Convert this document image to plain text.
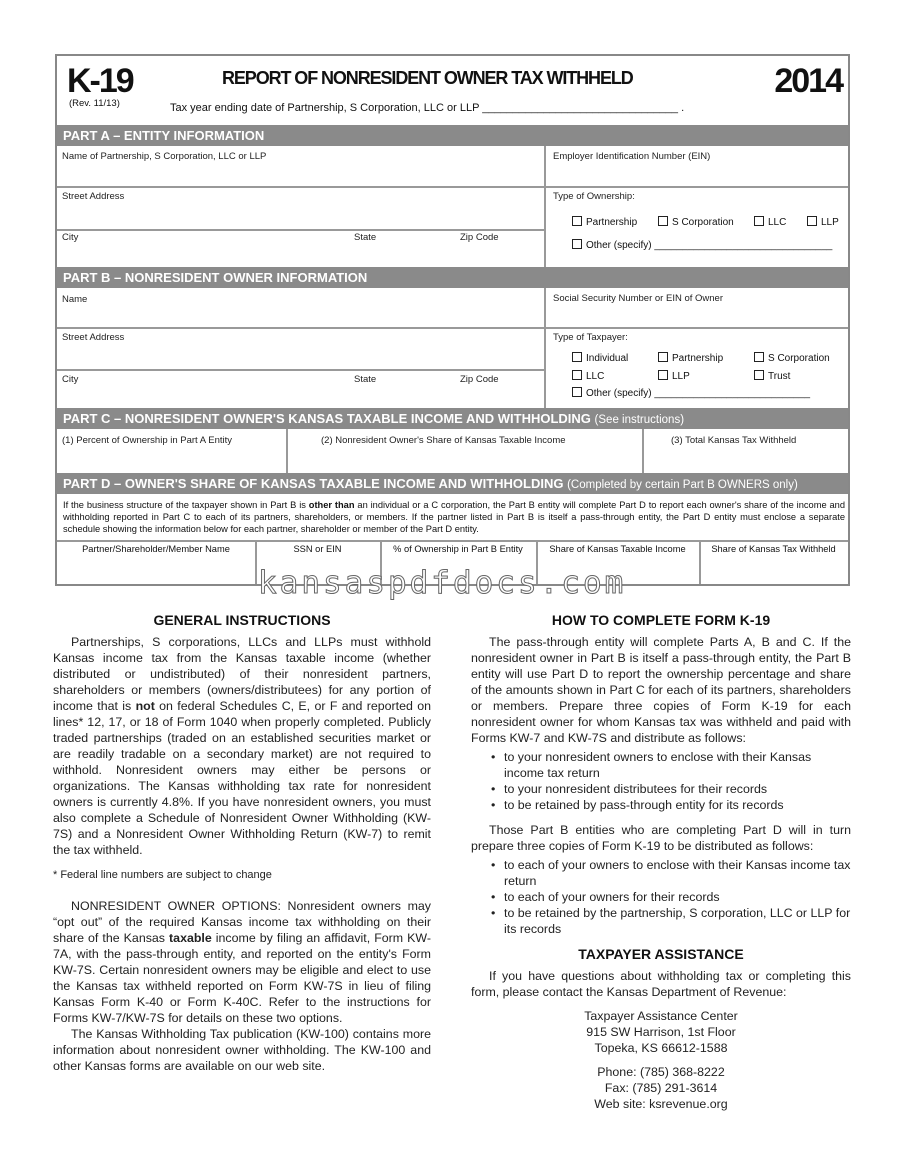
K-19
(Rev. 11/13)
REPORT OF NONRESIDENT OWNER TAX WITHHELD	2014
Tax year ending date of Partnership, S Corporation, LLC or LLP ________________________________ .
PART A – ENTITY INFORMATION
Name of Partnership, S Corporation, LLC or LLP	Employer Identification Number (EIN)
Street Address	Type of Ownership:
City	State	Zip Code
Partnership	S Corporation	LLC	LLP
Other (specify) ________________________________
PART B – NONRESIDENT OWNER INFORMATION
Name	Social Security Number or EIN of Owner
Street Address	Type of Taxpayer:
City	State	Zip Code
Individual	Partnership	S Corporation
LLC	LLP	Trust
Other (specify) ____________________________
PART C – NONRESIDENT OWNER'S KANSAS TAXABLE INCOME AND WITHHOLDING (See instructions)
(1) Percent of Ownership in Part A Entity	(2) Nonresident Owner's Share of Kansas Taxable Income	(3) Total Kansas Tax Withheld
PART D – OWNER'S SHARE OF KANSAS TAXABLE INCOME AND WITHHOLDING (Completed by certain Part B OWNERS only)
If the business structure of the taxpayer shown in Part B is other than an individual or a C corporation, the Part B entity will complete Part D to report each owner's share of the income and withholding reported in Part C to each of its partners, shareholders, or members. If the partner listed in Part B is itself a pass-through entity, the Part D entity must enclose a separate schedule showing the information below for each partner, shareholder or member of the Part D entity.
Partner/Shareholder/Member Name	SSN or EIN	% of Ownership in Part B Entity	Share of Kansas Taxable Income	Share of Kansas Tax Withheld
kansaspdfdocs.com
GENERAL INSTRUCTIONS

Partnerships, S corporations, LLCs and LLPs must withhold Kansas income tax from the Kansas taxable income (whether distributed or undistributed) of their nonresident partners, shareholders or members (owners/distributees) for any portion of income that is not on federal Schedules C, E, or F and reported on lines* 12, 17, or 18 of Form 1040 when properly completed. Publicly traded partnerships (traded on an established securities market or are readily tradable on a secondary market) are not required to withhold. Nonresident owners may either be persons or organizations. The Kansas withholding tax rate for nonresident owners is currently 4.8%. If you have nonresident owners, you must also complete a Schedule of Nonresident Owner Withholding (KW-7S) and a Nonresident Owner Withholding Return (KW-7) to remit the tax withheld.

* Federal line numbers are subject to change

NONRESIDENT OWNER OPTIONS: Nonresident owners may “opt out” of the required Kansas income tax withholding on their share of the Kansas taxable income by filing an affidavit, Form KW-7A, with the pass-through entity, and reported on the entity's Form KW-7S. Certain nonresident owners may be eligible and elect to use the Kansas tax withheld reported on Form KW-7S in lieu of filing Kansas Form K-40 or Form K-40C. Refer to the instructions for Forms KW-7/KW-7S for details on these two options.

The Kansas Withholding Tax publication (KW-100) contains more information about nonresident owner withholding. The KW-100 and other Kansas forms are available on our web site.

HOW TO COMPLETE FORM K-19

The pass-through entity will complete Parts A, B and C. If the nonresident owner in Part B is itself a pass-through entity, the Part B entity will use Part D to report the ownership percentage and share of the amounts shown in Part C for each of its partners, shareholders or members. Prepare three copies of Form K-19 for each nonresident owner for whom Kansas tax was withheld and paid with Forms KW-7 and KW-7S and distribute as follows:

• to your nonresident owners to enclose with their Kansas income tax return
• to your nonresident distributees for their records
• to be retained by pass-through entity for its records

Those Part B entities who are completing Part D will in turn prepare three copies of Form K-19 to be distributed as follows:

• to each of your owners to enclose with their Kansas income tax return
• to each of your owners for their records
• to be retained by the partnership, S corporation, LLC or LLP for its records
TAXPAYER ASSISTANCE

If you have questions about withholding tax or completing this form, please contact the Kansas Department of Revenue:

Taxpayer Assistance Center

915 SW Harrison, 1st Floor

Topeka, KS 66612-1588

Phone: (785) 368-8222

Fax: (785) 291-3614

Web site: ksrevenue.org
